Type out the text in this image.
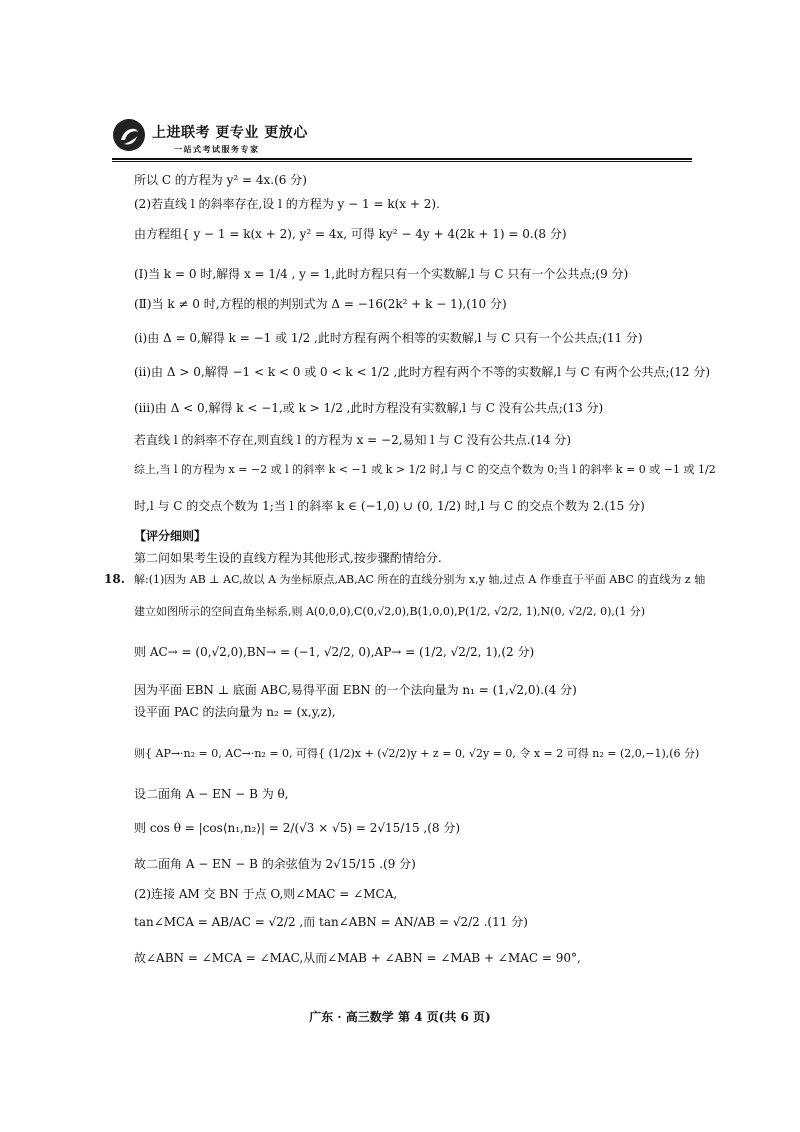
上进联考 更专业 更放心
一站式考试服务专家
所以 C 的方程为 y² = 4x.(6 分)
(2)若直线 l 的斜率存在,设 l 的方程为 y − 1 = k(x + 2).
由方程组{ y − 1 = k(x + 2), y² = 4x, 可得 ky² − 4y + 4(2k + 1) = 0.(8 分)
(Ⅰ)当 k = 0 时,解得 x = 1/4 , y = 1,此时方程只有一个实数解,l 与 C 只有一个公共点;(9 分)
(Ⅱ)当 k ≠ 0 时,方程的根的判别式为 Δ = −16(2k² + k − 1),(10 分)
(ⅰ)由 Δ = 0,解得 k = −1 或 1/2 ,此时方程有两个相等的实数解,l 与 C 只有一个公共点;(11 分)
(ⅱ)由 Δ > 0,解得 −1 < k < 0 或 0 < k < 1/2 ,此时方程有两个不等的实数解,l 与 C 有两个公共点;(12 分)
(ⅲ)由 Δ < 0,解得 k < −1,或 k > 1/2 ,此时方程没有实数解,l 与 C 没有公共点;(13 分)
若直线 l 的斜率不存在,则直线 l 的方程为 x = −2,易知 l 与 C 没有公共点.(14 分)
综上,当 l 的方程为 x = −2 或 l 的斜率 k < −1 或 k > 1/2 时,l 与 C 的交点个数为 0;当 l 的斜率 k = 0 或 −1 或 1/2
时,l 与 C 的交点个数为 1;当 l 的斜率 k ∈ (−1,0) ∪ (0, 1/2) 时,l 与 C 的交点个数为 2.(15 分)
【评分细则】
第二问如果考生设的直线方程为其他形式,按步骤酌情给分.
18. 解:(1)因为 AB ⊥ AC,故以 A 为坐标原点,AB,AC 所在的直线分别为 x,y 轴,过点 A 作垂直于平面 ABC 的直线为 z 轴
建立如图所示的空间直角坐标系,则 A(0,0,0),C(0,√2,0),B(1,0,0),P(1/2, √2/2, 1),N(0, √2/2, 0),(1 分)
则 AC→ = (0,√2,0),BN→ = (−1, √2/2, 0),AP→ = (1/2, √2/2, 1),(2 分)
因为平面 EBN ⊥ 底面 ABC,易得平面 EBN 的一个法向量为 n₁ = (1,√2,0).(4 分)
设平面 PAC 的法向量为 n₂ = (x,y,z),
则{ AP→·n₂ = 0, AC→·n₂ = 0, 可得{ (1/2)x + (√2/2)y + z = 0, √2y = 0, 令 x = 2 可得 n₂ = (2,0,−1),(6 分)
设二面角 A − EN − B 为 θ,
则 cos θ = |cos⟨n₁,n₂⟩| = 2/(√3 × √5) = 2√15/15 ,(8 分)
故二面角 A − EN − B 的余弦值为 2√15/15 .(9 分)
(2)连接 AM 交 BN 于点 O,则∠MAC = ∠MCA,
tan∠MCA = AB/AC = √2/2 ,而 tan∠ABN = AN/AB = √2/2 .(11 分)
故∠ABN = ∠MCA = ∠MAC,从而∠MAB + ∠ABN = ∠MAB + ∠MAC = 90°,
广东 · 高三数学 第 4 页(共 6 页)
